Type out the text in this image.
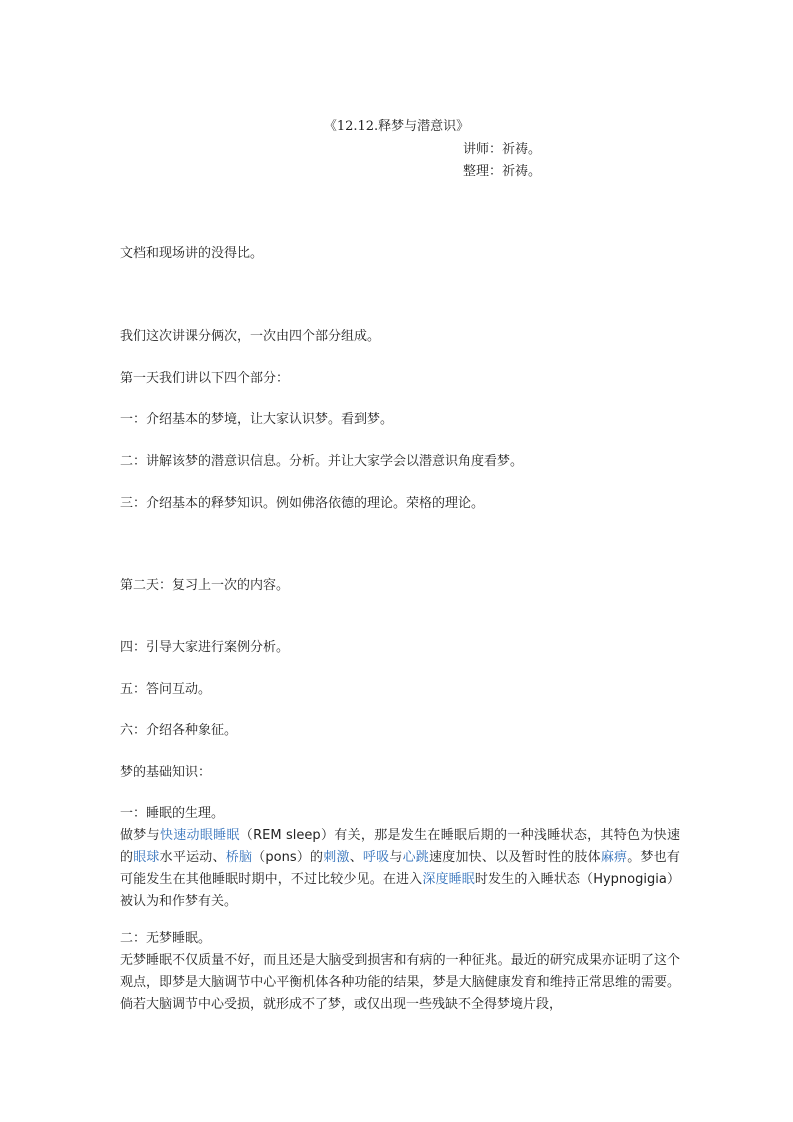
《12.12.释梦与潜意识》

讲师：祈祷。

整理：祈祷。

文档和现场讲的没得比。

我们这次讲课分俩次，一次由四个部分组成。

第一天我们讲以下四个部分：

一：介绍基本的梦境，让大家认识梦。看到梦。

二：讲解该梦的潜意识信息。分析。并让大家学会以潜意识角度看梦。

三：介绍基本的释梦知识。例如佛洛依德的理论。荣格的理论。

第二天：复习上一次的内容。

四：引导大家进行案例分析。

五：答问互动。

六：介绍各种象征。

梦的基础知识：

一：睡眠的生理。
做梦与快速动眼睡眠（REM sleep）有关，那是发生在睡眠后期的一种浅睡状态，其特色为快速的眼球水平运动、桥脑（pons）的刺激、呼吸与心跳速度加快、以及暂时性的肢体麻痹。梦也有可能发生在其他睡眠时期中，不过比较少见。在进入深度睡眠时发生的入睡状态（Hypnogigia）被认为和作梦有关。
二：无梦睡眠。
无梦睡眠不仅质量不好，而且还是大脑受到损害和有病的一种征兆。最近的研究成果亦证明了这个观点，即梦是大脑调节中心平衡机体各种功能的结果，梦是大脑健康发育和维持正常思维的需要。倘若大脑调节中心受损，就形成不了梦，或仅出现一些残缺不全得梦境片段，
